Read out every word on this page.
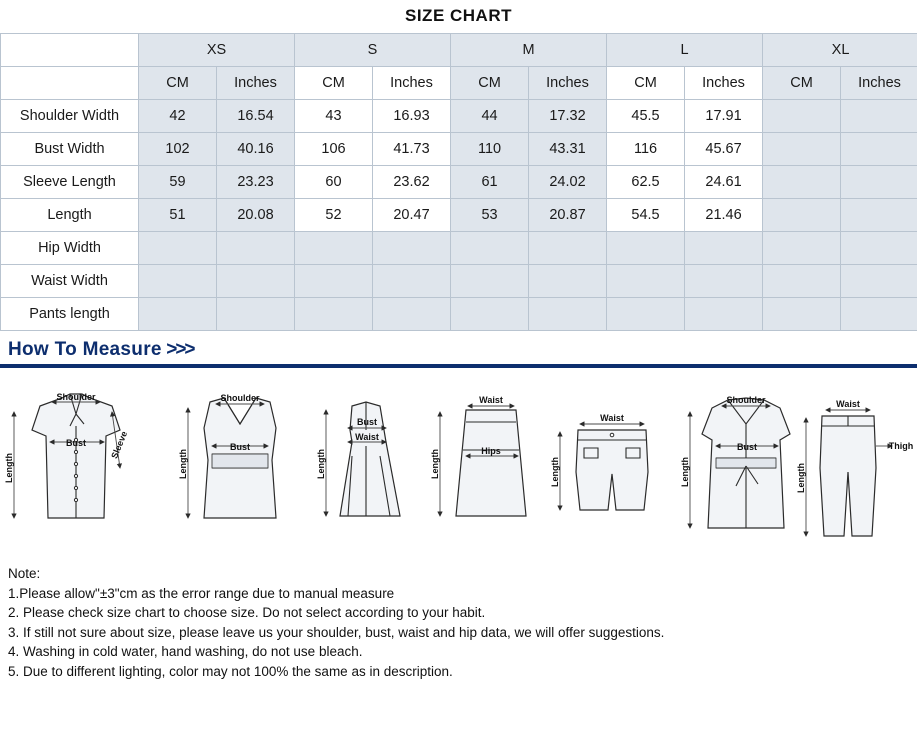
SIZE CHART
	XS		S		M		L		XL	
	CM	Inches	CM	Inches	CM	Inches	CM	Inches	CM	Inches
Shoulder Width	42	16.54	43	16.93	44	17.32	45.5	17.91		
Bust Width	102	40.16	106	41.73	110	43.31	116	45.67		
Sleeve Length	59	23.23	60	23.62	61	24.02	62.5	24.61		
Length	51	20.08	52	20.47	53	20.87	54.5	21.46		
Hip Width										
Waist Width										
Pants length										
How To Measure >>>
Shoulder
Bust	Sleeve
Length
Shoulder
Bust
Length
Bust
Waist
Length
Waist
Hips
Length
Waist
Length
Shoulder
Bust
Length
Waist
Thigh
Length
Note:
1.Please allow"±3"cm as the error range due to manual measure
2. Please check size chart to choose size. Do not select according to your habit.
3. If still not sure about size, please leave us your shoulder, bust, waist and hip data, we will offer suggestions.
4. Washing in cold water, hand washing, do not use bleach.
5. Due to different lighting, color may not 100% the same as in description.
